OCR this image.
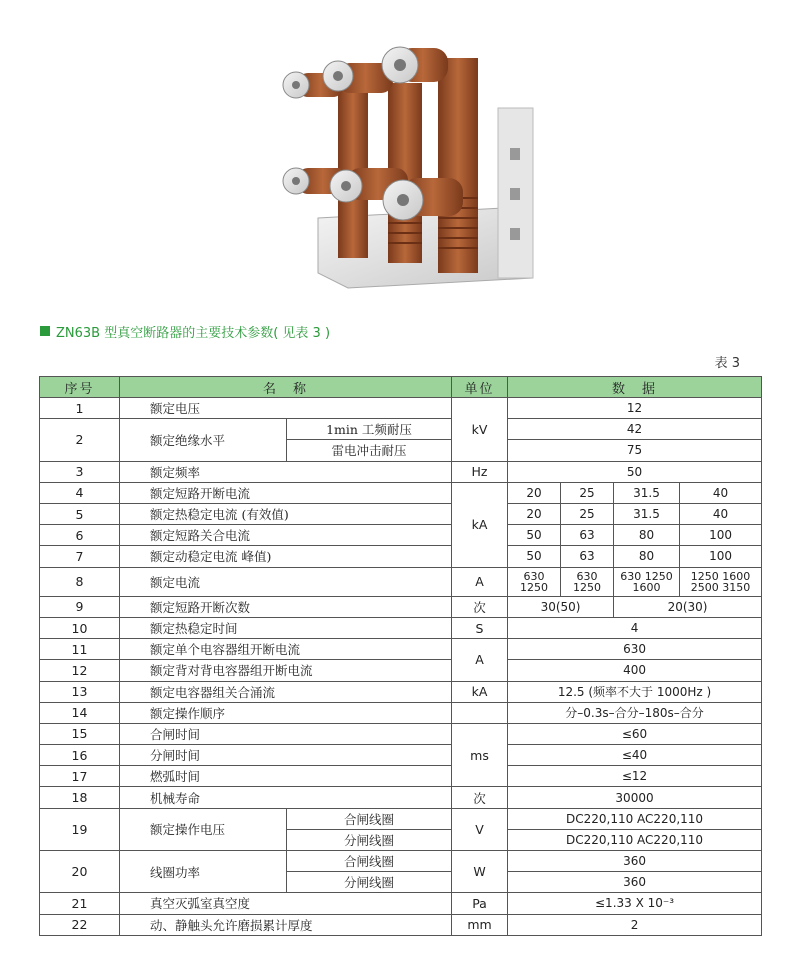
ZN63B 型真空断路器的主要技术参数( 见表 3 )
表 3
序号	名　称		单位	数　据			
1	额定电压		kV	12			
2	额定绝缘水平	1min 工频耐压		42			
		雷电冲击耐压		75			
3	额定频率		Hz	50			
4	额定短路开断电流		kA	20	25	31.5	40
5	额定热稳定电流 (有效值)			20	25	31.5	40
6	额定短路关合电流			50	63	80	100
7	额定动稳定电流 峰值)			50	63	80	100
8	额定电流		A	630 1250	630 1250	630 1250 1600	1250 1600 2500 3150
9	额定短路开断次数		次	30(50)		20(30)	
10	额定热稳定时间		S	4			
11	额定单个电容器组开断电流		A	630			
12	额定背对背电容器组开断电流			400			
13	额定电容器组关合涌流		kA	12.5 (频率不大于 1000Hz )			
14	额定操作顺序			分–0.3s–合分–180s–合分			
15	合闸时间		ms	≤60			
16	分闸时间			≤40			
17	燃弧时间			≤12			
18	机械寿命		次	30000			
19	额定操作电压	合闸线圈	V	DC220,110 AC220,110			
		分闸线圈		DC220,110 AC220,110			
20	线圈功率	合闸线圈	W	360			
		分闸线圈		360			
21	真空灭弧室真空度		Pa	≤1.33 X 10⁻³			
22	动、静触头允许磨损累计厚度		mm	2			
